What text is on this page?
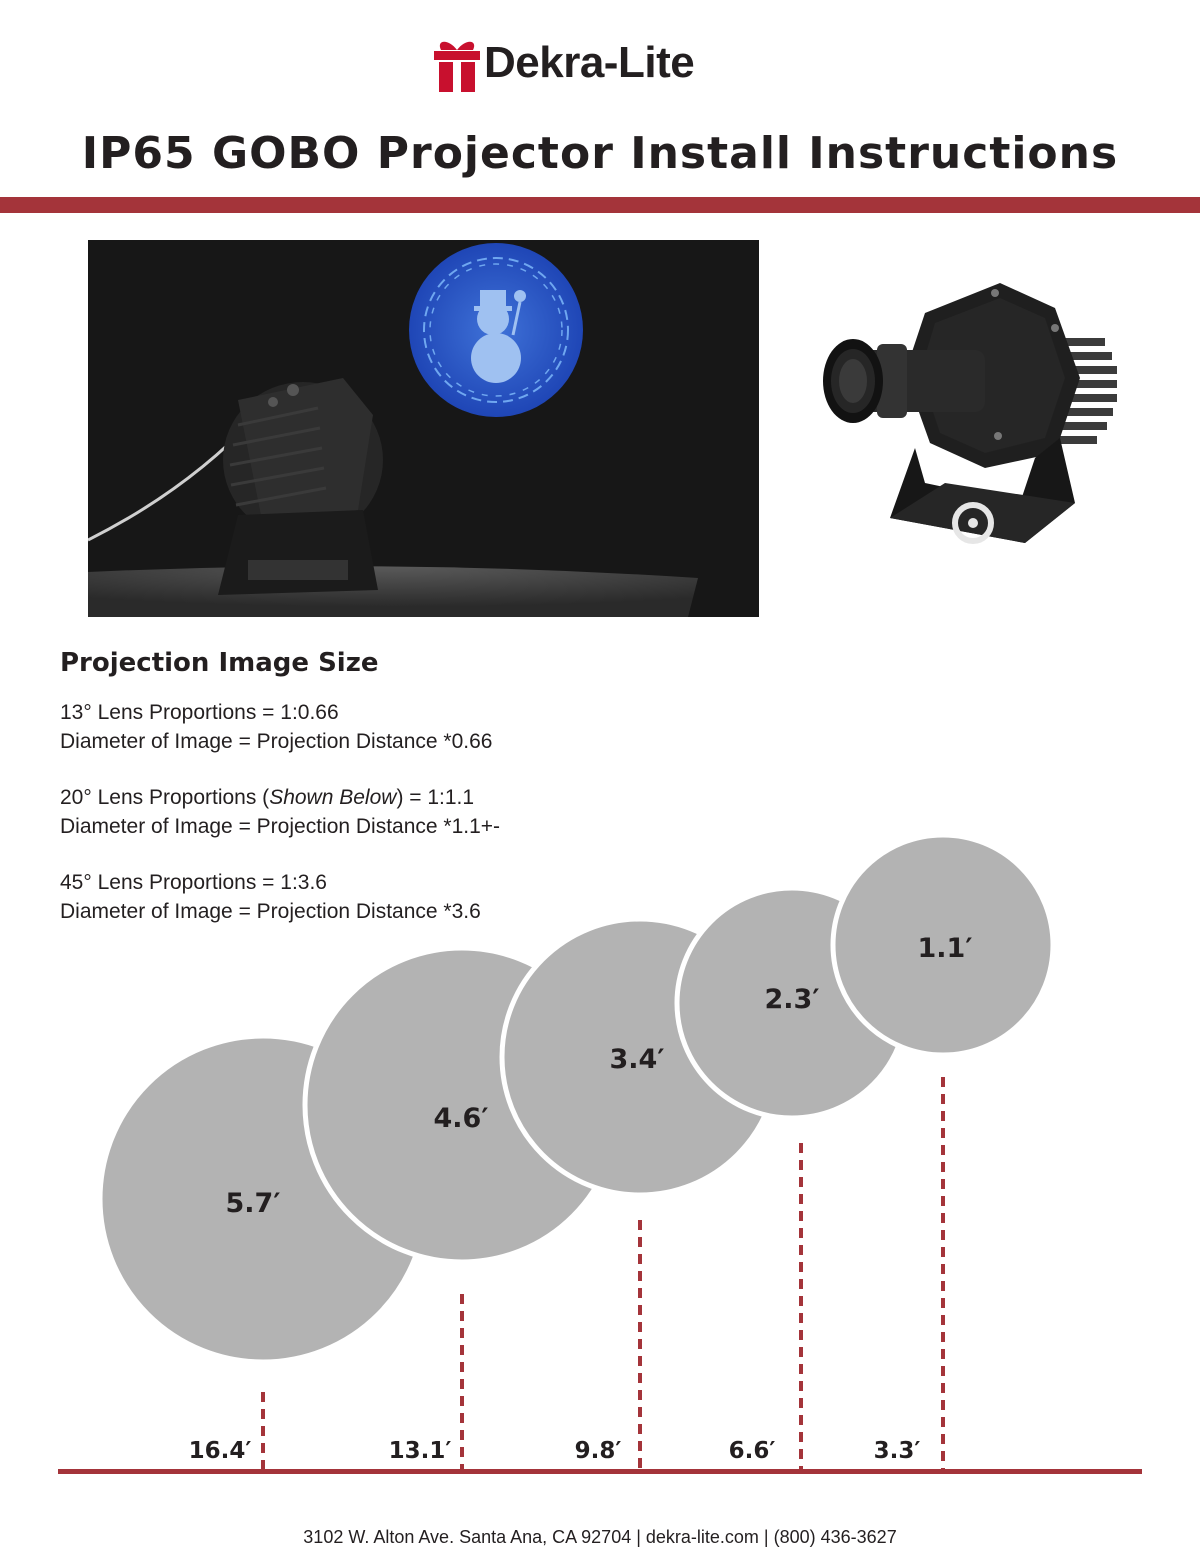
Dekra-Lite
IP65 GOBO Projector Install Instructions
Projection Image Size
13° Lens Proportions = 1:0.66
Diameter of Image = Projection Distance *0.66
20° Lens Proportions (Shown Below) = 1:1.1
Diameter of Image = Projection Distance *1.1+-
45° Lens Proportions = 1:3.6
Diameter of Image = Projection Distance *3.6
5.7′
4.6′
3.4′
2.3′
1.1′
16.4′	13.1′	9.8′	6.6′	3.3′
3102 W. Alton Ave. Santa Ana, CA 92704 | dekra-lite.com | (800) 436-3627
